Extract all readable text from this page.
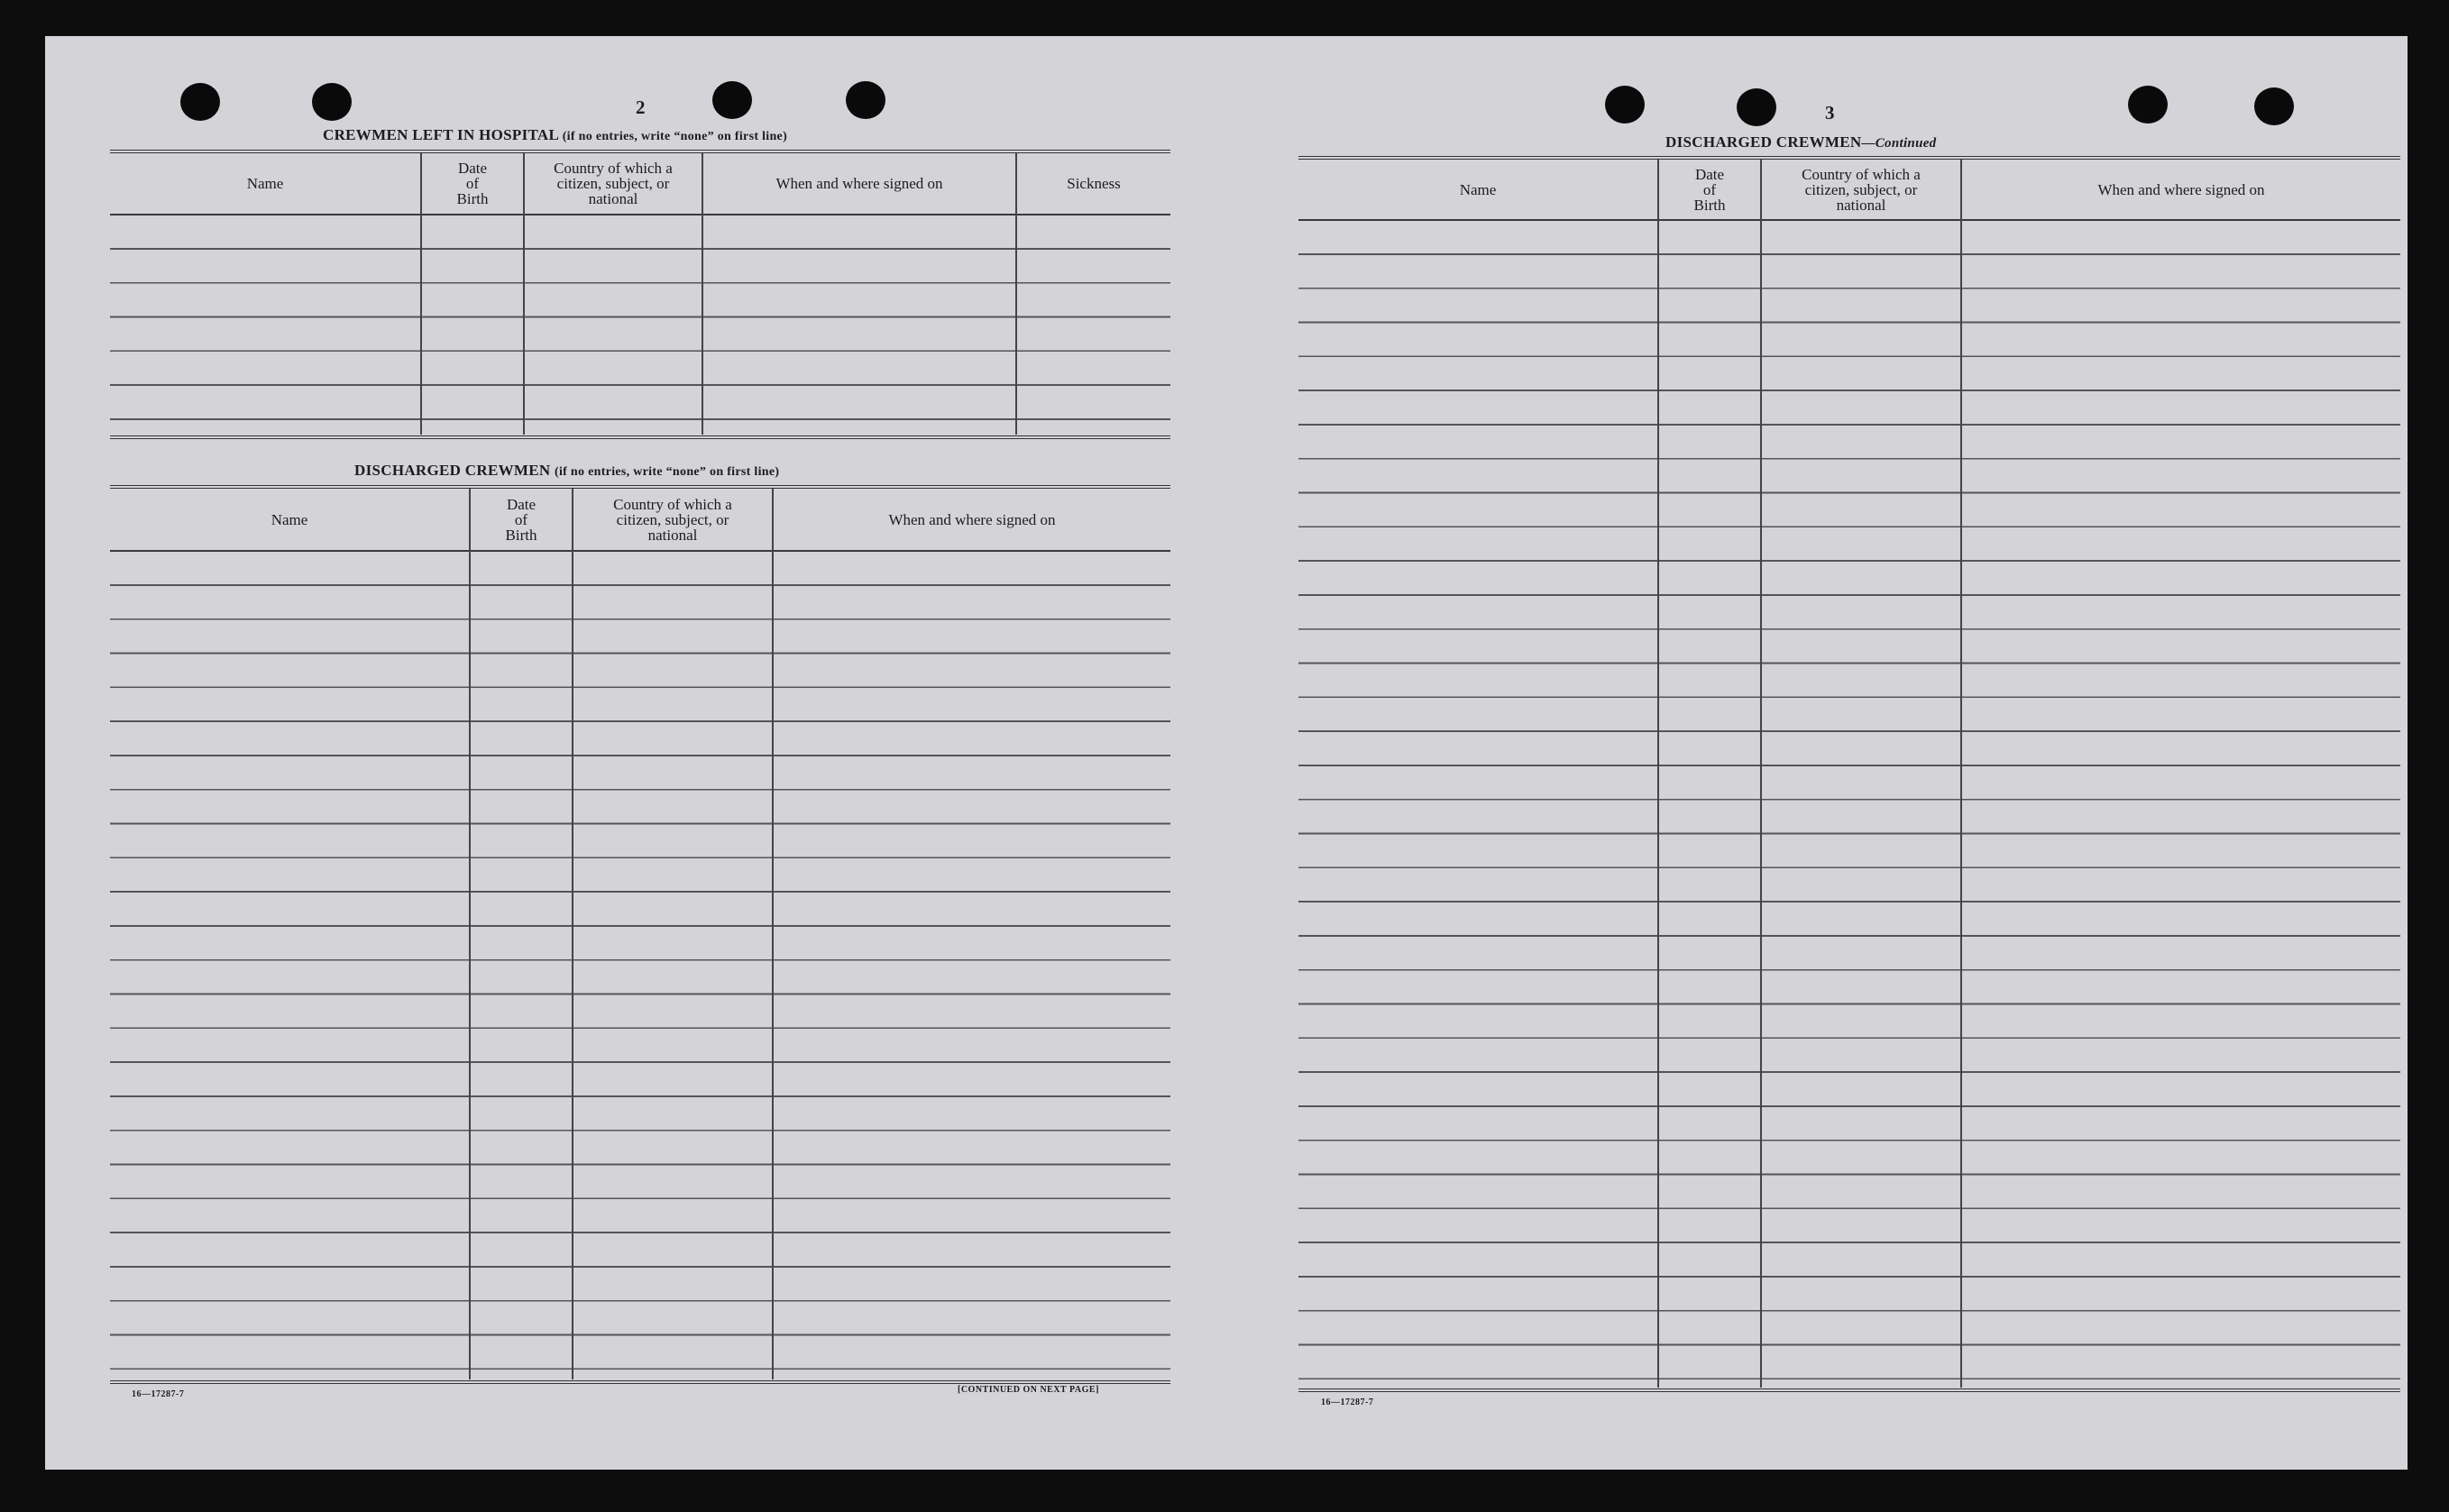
2
CREWMEN LEFT IN HOSPITAL (if no entries, write “none” on first line)
Name
Date
of
Birth
Country of which a
citizen, subject, or
national
When and where signed on	Sickness
DISCHARGED CREWMEN (if no entries, write “none” on first line)
Name
Date
of
Birth
Country of which a
citizen, subject, or
national
When and where signed on
16—17287-7	[CONTINUED ON NEXT PAGE]
3
DISCHARGED CREWMEN—Continued
Name
Date
of
Birth
Country of which a
citizen, subject, or
national
When and where signed on
16—17287-7
